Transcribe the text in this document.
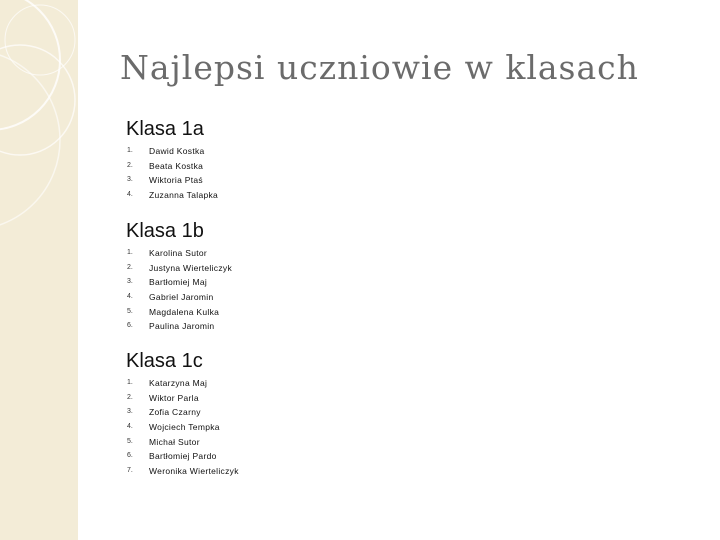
Najlepsi uczniowie w klasach
Klasa 1a
1. Dawid Kostka
2. Beata Kostka
3. Wiktoria Ptaś
4. Zuzanna Talapka
Klasa 1b
1. Karolina Sutor
2. Justyna Wierteliczyk
3. Bartłomiej Maj
4. Gabriel Jaromin
5. Magdalena Kulka
6. Paulina Jaromin
Klasa 1c
1. Katarzyna Maj
2. Wiktor Parla
3. Zofia Czarny
4. Wojciech Tempka
5. Michał Sutor
6. Bartłomiej Pardo
7. Weronika Wierteliczyk
